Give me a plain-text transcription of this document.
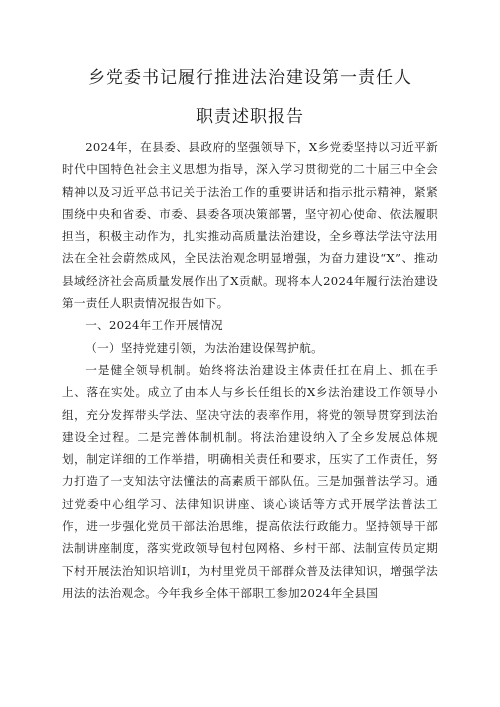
乡党委书记履行推进法治建设第一责任人
职责述职报告

2024年，在县委、县政府的坚强领导下，X乡党委坚持以习近平新时代中国特色社会主义思想为指导，深入学习贯彻党的二十届三中全会精神以及习近平总书记关于法治工作的重要讲话和指示批示精神，紧紧围绕中央和省委、市委、县委各项决策部署，坚守初心使命、依法履职担当，积极主动作为，扎实推动高质量法治建设，全乡尊法学法守法用法在全社会蔚然成风，全民法治观念明显增强，为奋力建设“X”、推动县域经济社会高质量发展作出了X贡献。现将本人2024年履行法治建设第一责任人职责情况报告如下。

一、2024年工作开展情况

（一）坚持党建引领，为法治建设保驾护航。

一是健全领导机制。始终将法治建设主体责任扛在肩上、抓在手上、落在实处。成立了由本人与乡长任组长的X乡法治建设工作领导小组，充分发挥带头学法、坚决守法的表率作用，将党的领导贯穿到法治建设全过程。二是完善体制机制。将法治建设纳入了全乡发展总体规划，制定详细的工作举措，明确相关责任和要求，压实了工作责任，努力打造了一支知法守法懂法的高素质干部队伍。三是加强普法学习。通过党委中心组学习、法律知识讲座、谈心谈话等方式开展学法普法工作，进一步强化党员干部法治思维，提高依法行政能力。坚持领导干部法制讲座制度，落实党政领导包村包网格、乡村干部、法制宣传员定期下村开展法治知识培训I，为村里党员干部群众普及法律知识，增强学法用法的法治观念。今年我乡全体干部职工参加2024年全县国
